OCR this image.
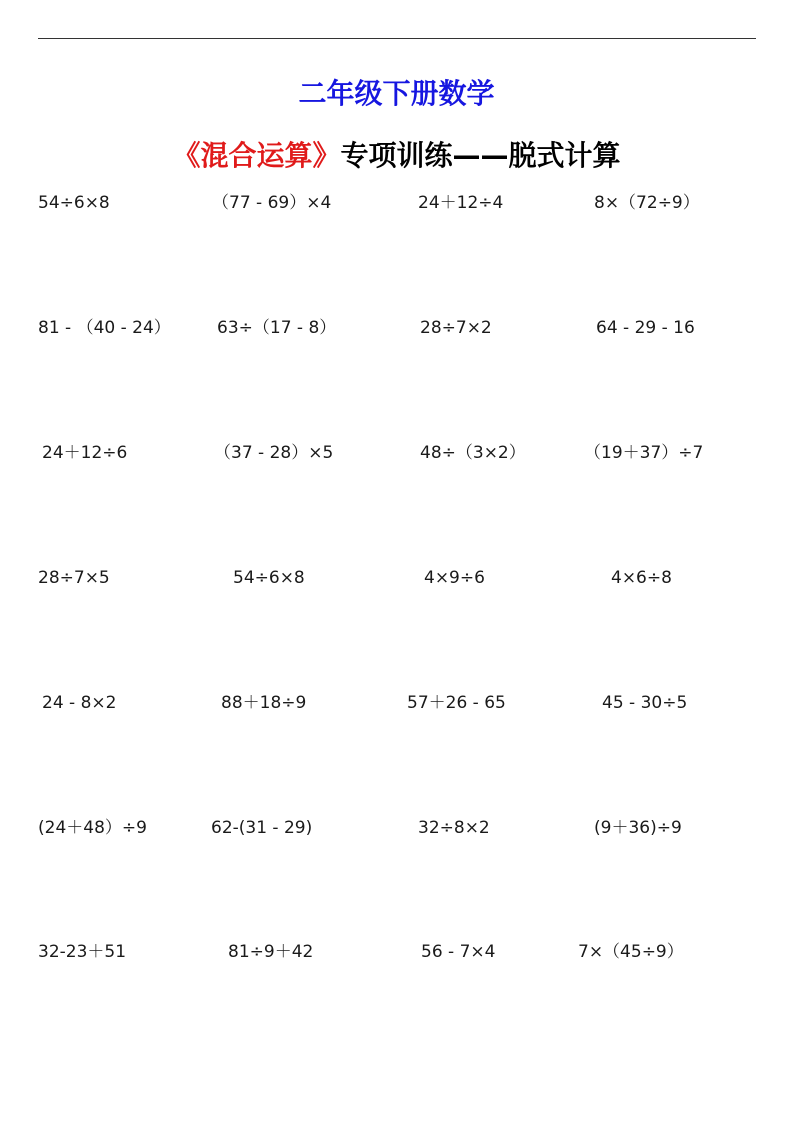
二年级下册数学
《混合运算》专项训练——脱式计算
54÷6×8	（77 - 69）×4	24＋12÷4	8×（72÷9）
81 - （40 - 24）	63÷（17 - 8）	28÷7×2	64 - 29 - 16
24＋12÷6	（37 - 28）×5	48÷（3×2）	（19＋37）÷7
28÷7×5	54÷6×8	4×9÷6	4×6÷8
24 - 8×2	88＋18÷9	57＋26 - 65	45 - 30÷5
(24＋48）÷9	62-(31 - 29)	32÷8×2	(9＋36)÷9
32-23＋51	81÷9＋42	56 - 7×4	7×（45÷9）
